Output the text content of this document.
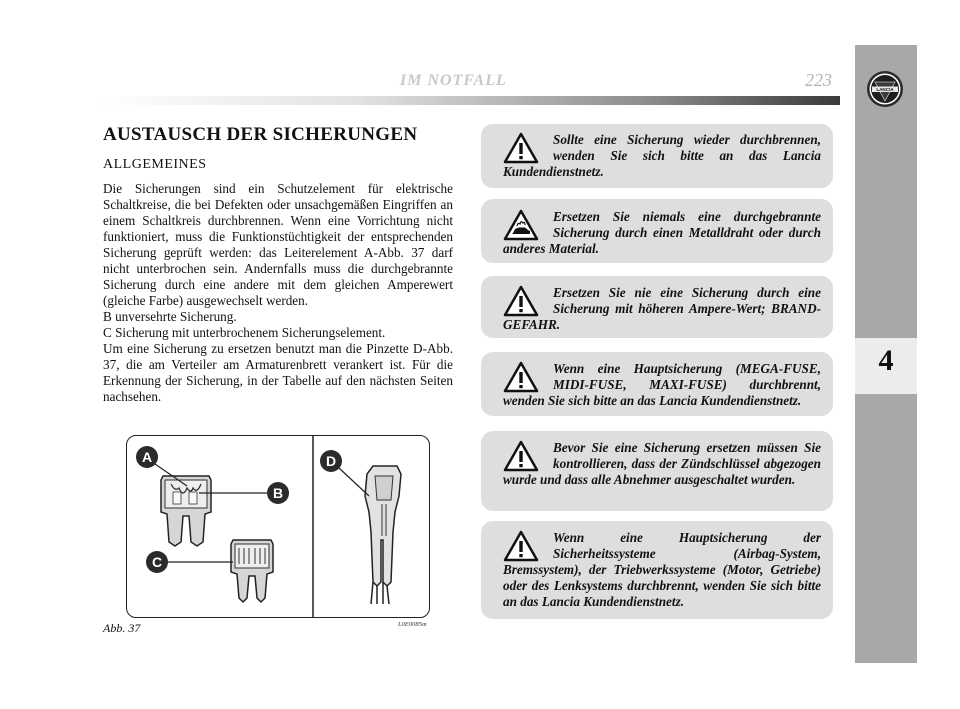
IM NOTFALL	223
4
LANCIA
AUSTAUSCH DER SICHERUNGEN
ALLGEMEINES

Die Sicherungen sind ein Schutzelement für elektrische Schaltkreise, die bei Defekten oder unsachgemäßen Eingriffen an einem Schaltkreis durchbrennen. Wenn eine Vorrichtung nicht funktioniert, muss die Funktionstüchtigkeit der entsprechenden Sicherung geprüft werden: das Leiterelement A-Abb. 37 darf nicht unterbrochen sein. Andernfalls muss die durchgebrannte Sicherung durch eine andere mit dem gleichen Amperewert (gleiche Farbe) ausgewechselt werden.

B unversehrte Sicherung.

C Sicherung mit unterbrochenem Sicherungselement.

Um eine Sicherung zu ersetzen benutzt man die Pinzette D-Abb. 37, die am Verteiler am Armaturenbrett verankert ist. Für die Erkennung der Sicherung, in der Tabelle auf den nächsten Seiten nachsehen.

A
B
C
D
Abb. 37	L0E0085m
Sollte eine Sicherung wieder durchbrennen, wenden Sie sich bitte an das Lancia Kundendienstnetz.
Ersetzen Sie niemals eine durchgebrannte Sicherung durch einen Metalldraht oder durch anderes Material.
Ersetzen Sie nie eine Sicherung durch eine Sicherung mit höheren Ampere-Wert; BRAND-GEFAHR.
Wenn eine Hauptsicherung (MEGA-FUSE, MIDI-FUSE, MAXI-FUSE) durchbrennt, wenden Sie sich bitte an das Lancia Kundendienstnetz.
Bevor Sie eine Sicherung ersetzen müssen Sie kontrollieren, dass der Zündschlüssel abgezogen wurde und dass alle Abnehmer ausgeschaltet wurden.
Wenn eine Hauptsicherung der Sicherheitssysteme (Airbag-System, Bremssystem), der Triebwerkssysteme (Motor, Getriebe) oder des Lenksystems durchbrennt, wenden Sie sich bitte an das Lancia Kundendienstnetz.
